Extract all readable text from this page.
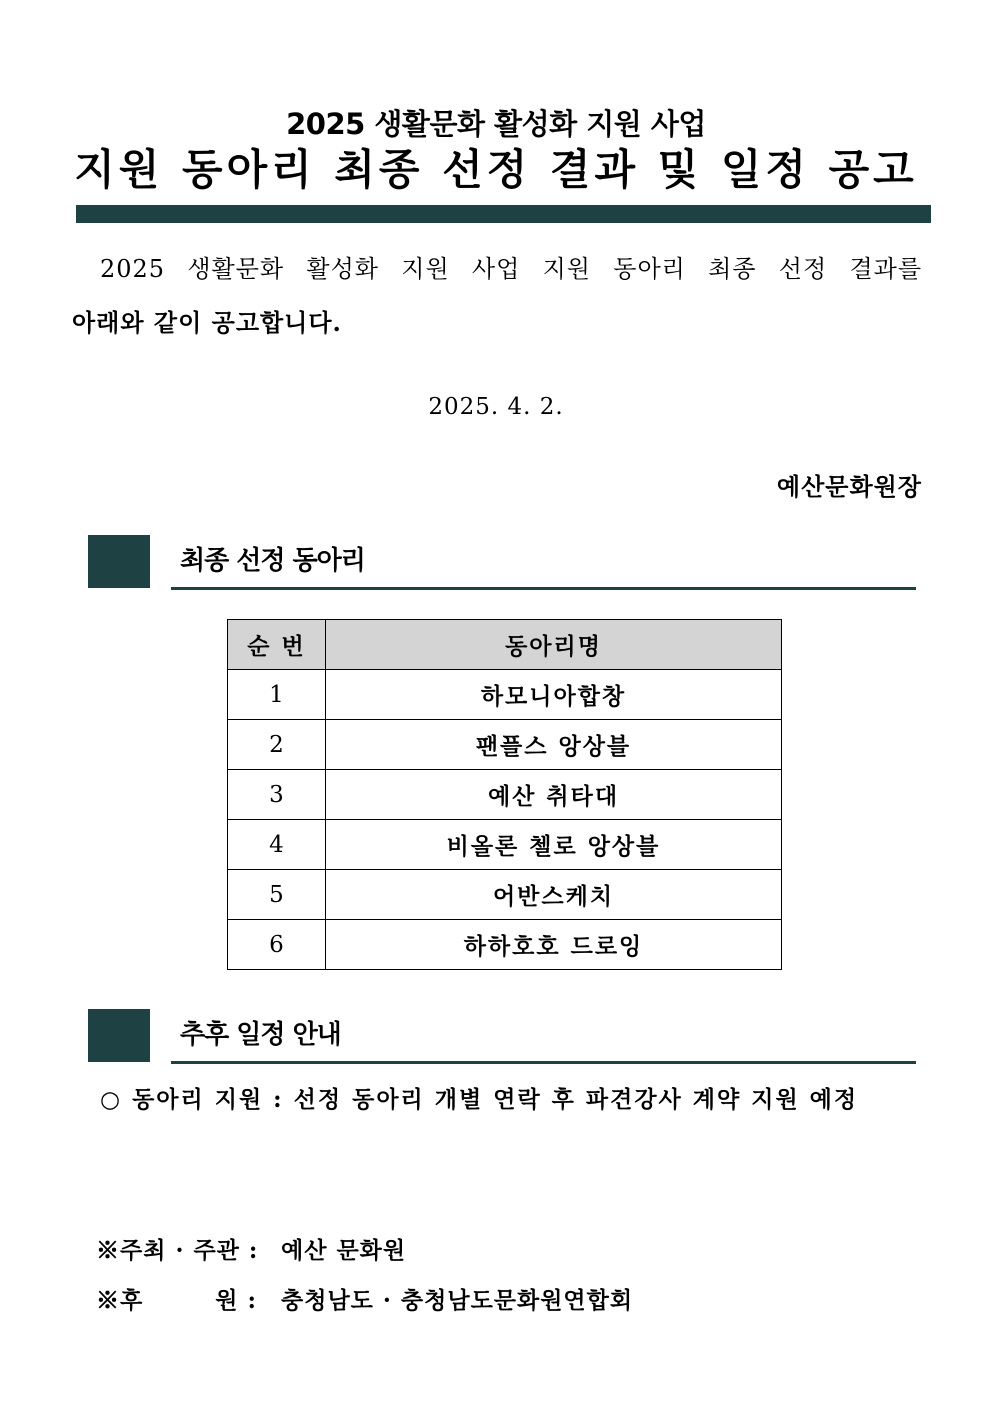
2025 생활문화 활성화 지원 사업
지원 동아리 최종 선정 결과 및 일정 공고
2025 생활문화 활성화 지원 사업 지원 동아리 최종 선정 결과를
아래와 같이 공고합니다.
2025. 4. 2.
예산문화원장
최종 선정 동아리
순 번	동아리명
1	하모니아합창
2	팬플스 앙상블
3	예산 취타대
4	비올론 첼로 앙상블
5	어반스케치
6	하하호호 드로잉
추후 일정 안내
○ 동아리 지원 : 선정 동아리 개별 연락 후 파견강사 계약 지원 예정
※주최 · 주관 : 예산 문화원
※후	원 : 충청남도 · 충청남도문화원연합회
